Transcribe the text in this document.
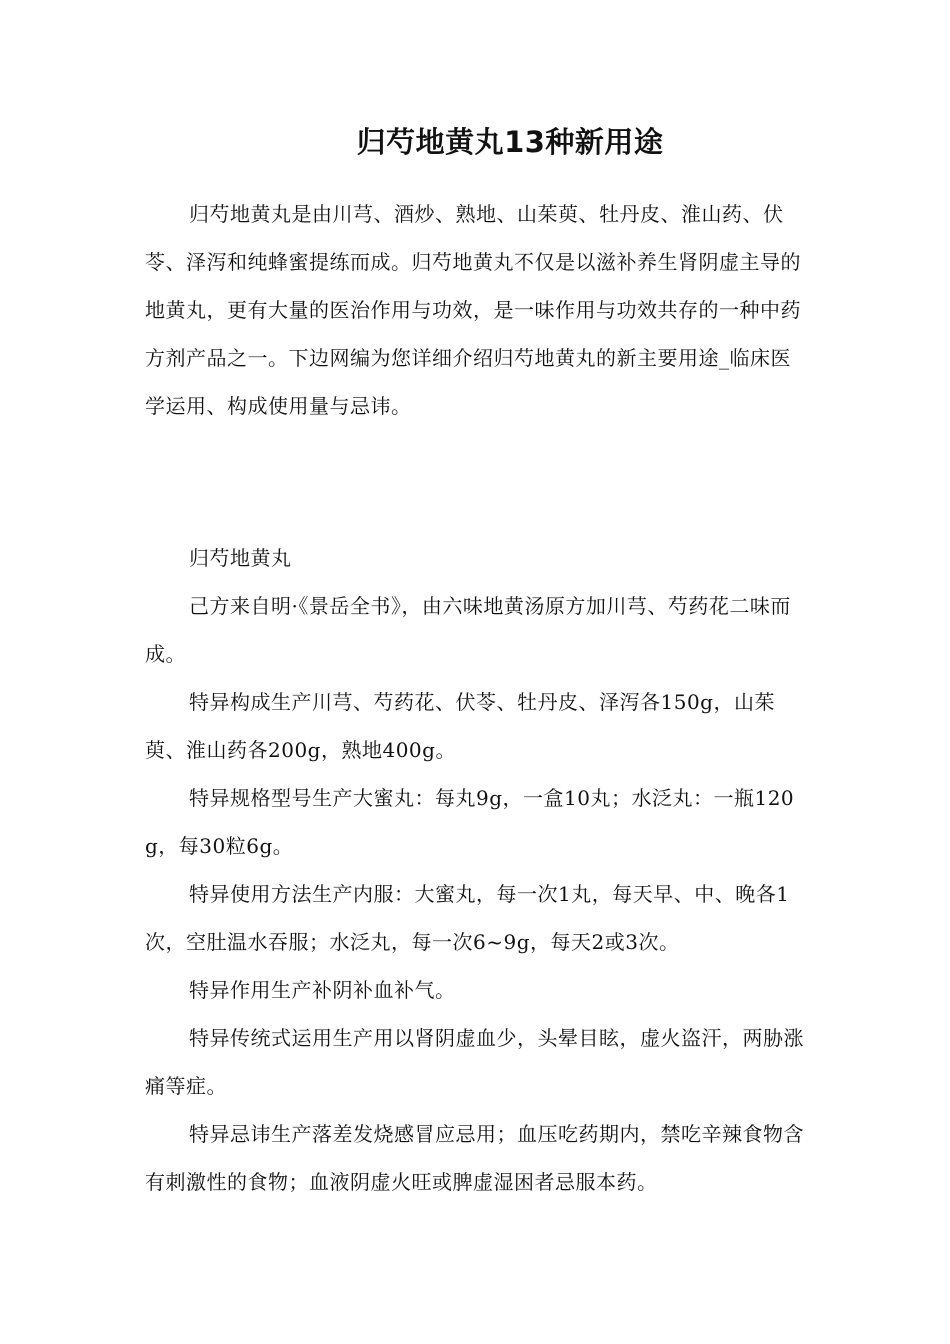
归芍地黄丸13种新用途

归芍地黄丸是由川芎、酒炒、熟地、山茱萸、牡丹皮、淮山药、伏苓、泽泻和纯蜂蜜提练而成。归芍地黄丸不仅是以滋补养生肾阴虚主导的地黄丸，更有大量的医治作用与功效，是一味作用与功效共存的一种中药方剂产品之一。下边网编为您详细介绍归芍地黄丸的新主要用途_临床医学运用、构成使用量与忌讳。

归芍地黄丸

己方来自明·《景岳全书》，由六味地黄汤原方加川芎、芍药花二味而成。

特异构成生产川芎、芍药花、伏苓、牡丹皮、泽泻各150g，山茱萸、淮山药各200g，熟地400g。

特异规格型号生产大蜜丸：每丸9g，一盒10丸；水泛丸：一瓶120g，每30粒6g。

特异使用方法生产内服：大蜜丸，每一次1丸，每天早、中、晚各1次，空肚温水吞服；水泛丸，每一次6~9g，每天2或3次。

特异作用生产补阴补血补气。

特异传统式运用生产用以肾阴虚血少，头晕目眩，虚火盗汗，两胁涨痛等症。

特异忌讳生产落差发烧感冒应忌用；血压吃药期内，禁吃辛辣食物含有刺激性的食物；血液阴虚火旺或脾虚湿困者忌服本药。
